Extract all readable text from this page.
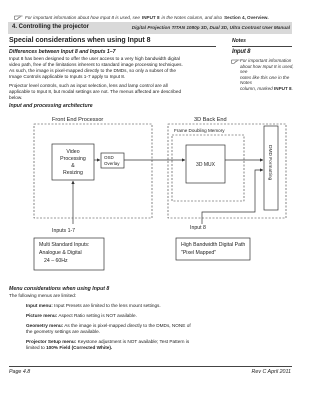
For important information about how Input 8 is used, see INPUT 8 in the Notes column, and also Section 4, Overview.
4. Controlling the projector	Digital Projection TITAN 1080p 3D, Dual 3D, Ultra Contrast User Manual
Special considerations when using Input 8	Notes
Differences between Input 8 and Inputs 1–7
Input 8 has been designed to offer the user access to a very high bandwidth digital
video path, free of the limitations inherent to standard image processing techniques.
As such, the image is pixel-mapped directly to the DMDs, so only a subset of the
Image Controls applicable to Inputs 1-7 apply to Input 8.
Projector level controls, such as input selection, lens and lamp control are all
applicable to Input 8, but modal settings are not. The menus affected are described
below.
Input 8
For important information
about how Input 8 is used, see
notes like this one in the Notes
column, marked INPUT 8.
Input and processing architecture
Front End Processor	3D Back End
Frame Doubling Memory
Video
Processing
&
Resizing
OSD
Overlay	3D MUX	DMD Formatting
Inputs 1-7	Input 8
Multi Standard Inputs:
Analogue & Digital
24 – 60Hz
High Bandwidth Digital Path
"Pixel Mapped"
Menu considerations when using Input 8
The following menus are limited:
Input menu: Input Presets are limited to the lens mount settings.
Picture menu: Aspect Ratio setting is NOT available.
Geometry menu: As the image is pixel-mapped directly to the DMDs, NONE of
the geometry settings are available.
Projector Setup menu: Keystone adjustment is NOT available; Test Pattern is
limited to 100% Field (Corrected White).
Page 4.8	Rev C April 2011
